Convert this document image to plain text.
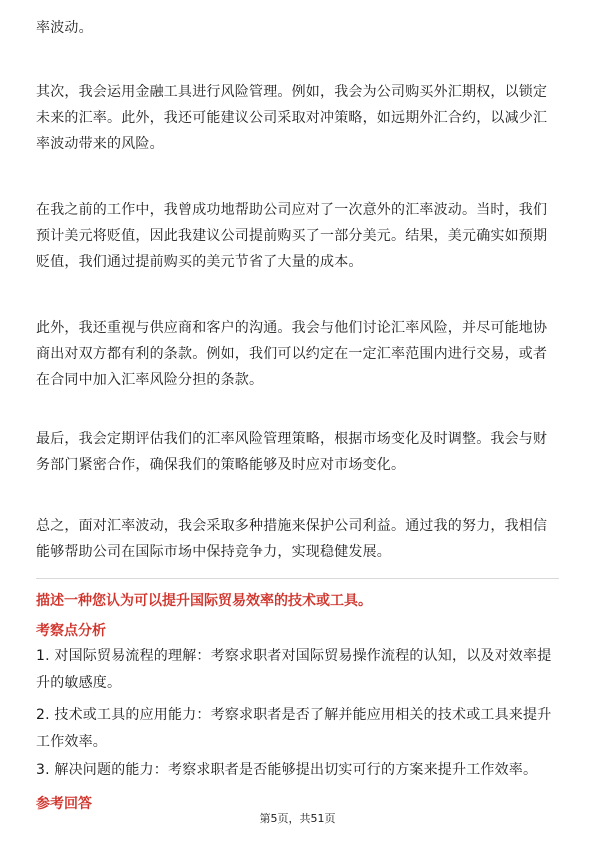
率波动。

其次，我会运用金融工具进行风险管理。例如，我会为公司购买外汇期权，以锁定未来的汇率。此外，我还可能建议公司采取对冲策略，如远期外汇合约，以减少汇率波动带来的风险。

在我之前的工作中，我曾成功地帮助公司应对了一次意外的汇率波动。当时，我们预计美元将贬值，因此我建议公司提前购买了一部分美元。结果，美元确实如预期贬值，我们通过提前购买的美元节省了大量的成本。

此外，我还重视与供应商和客户的沟通。我会与他们讨论汇率风险，并尽可能地协商出对双方都有利的条款。例如，我们可以约定在一定汇率范围内进行交易，或者在合同中加入汇率风险分担的条款。

最后，我会定期评估我们的汇率风险管理策略，根据市场变化及时调整。我会与财务部门紧密合作，确保我们的策略能够及时应对市场变化。

总之，面对汇率波动，我会采取多种措施来保护公司利益。通过我的努力，我相信能够帮助公司在国际市场中保持竞争力，实现稳健发展。

描述一种您认为可以提升国际贸易效率的技术或工具。

考察点分析

1. 对国际贸易流程的理解：考察求职者对国际贸易操作流程的认知，以及对效率提升的敏感度。

2. 技术或工具的应用能力：考察求职者是否了解并能应用相关的技术或工具来提升工作效率。

3. 解决问题的能力：考察求职者是否能够提出切实可行的方案来提升工作效率。

参考回答

第5页，共51页
